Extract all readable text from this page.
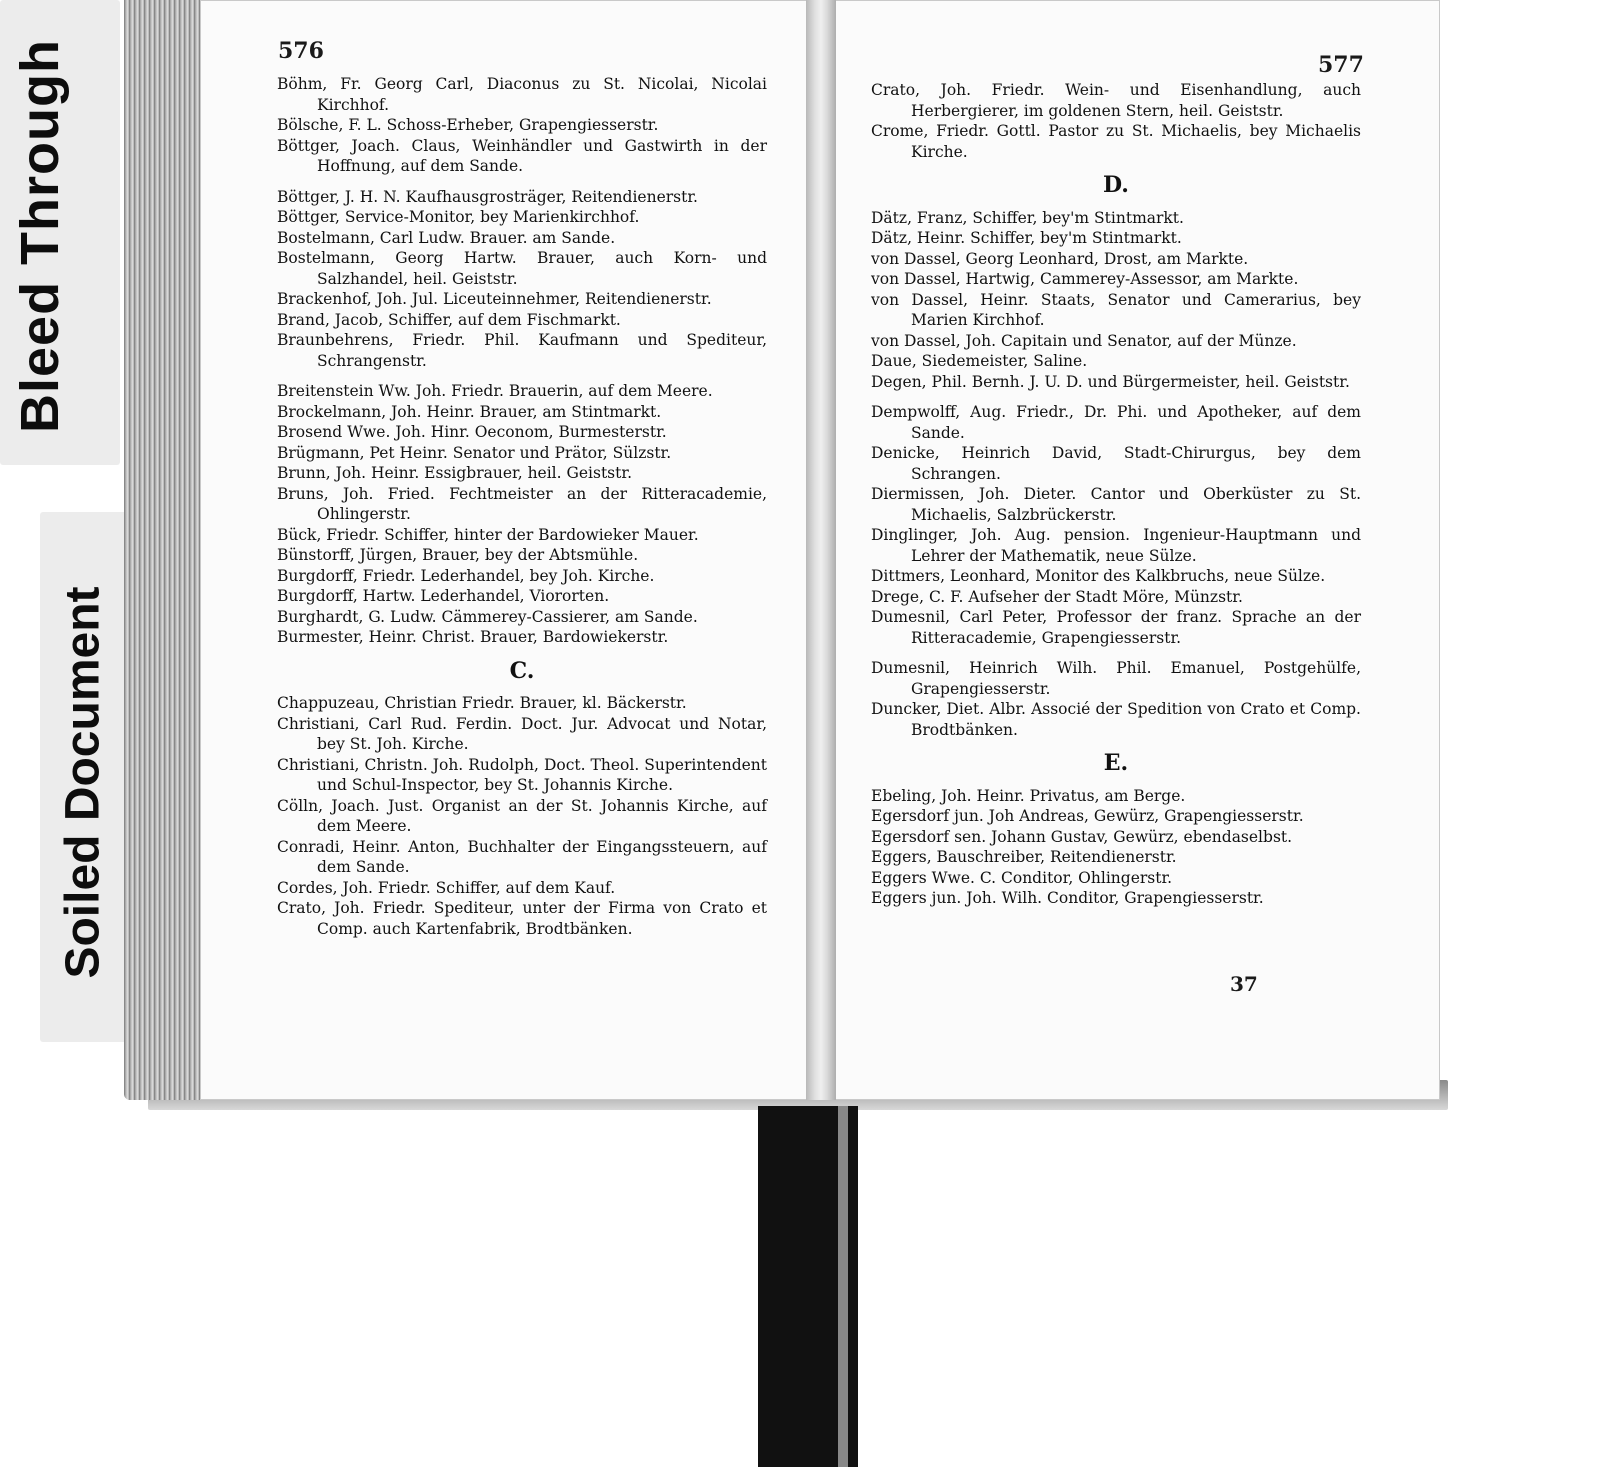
Bleed Through
Soiled Document
576
577
37
Böhm, Fr. Georg Carl, Diaconus zu St. Nicolai, Nicolai Kirchhof.
Bölsche, F. L. Schoss-Erheber, Grapengiesserstr.
Böttger, Joach. Claus, Weinhändler und Gastwirth in der Hoffnung, auf dem Sande.
Böttger, J. H. N. Kaufhausgrosträger, Reitendienerstr.
Böttger, Service-Monitor, bey Marienkirchhof.
Bostelmann, Carl Ludw. Brauer. am Sande.
Bostelmann, Georg Hartw. Brauer, auch Korn- und Salzhandel, heil. Geiststr.
Brackenhof, Joh. Jul. Liceuteinnehmer, Reitendienerstr.
Brand, Jacob, Schiffer, auf dem Fischmarkt.
Braunbehrens, Friedr. Phil. Kaufmann und Spediteur, Schrangenstr.
Breitenstein Ww. Joh. Friedr. Brauerin, auf dem Meere.
Brockelmann, Joh. Heinr. Brauer, am Stintmarkt.
Brosend Wwe. Joh. Hinr. Oeconom, Burmesterstr.
Brügmann, Pet Heinr. Senator und Prätor, Sülzstr.
Brunn, Joh. Heinr. Essigbrauer, heil. Geiststr.
Bruns, Joh. Fried. Fechtmeister an der Ritteracademie, Ohlingerstr.
Bück, Friedr. Schiffer, hinter der Bardowieker Mauer.
Bünstorff, Jürgen, Brauer, bey der Abtsmühle.
Burgdorff, Friedr. Lederhandel, bey Joh. Kirche.
Burgdorff, Hartw. Lederhandel, Viororten.
Burghardt, G. Ludw. Cämmerey-Cassierer, am Sande.
Burmester, Heinr. Christ. Brauer, Bardowiekerstr.
C.
Chappuzeau, Christian Friedr. Brauer, kl. Bäckerstr.
Christiani, Carl Rud. Ferdin. Doct. Jur. Advocat und Notar, bey St. Joh. Kirche.
Christiani, Christn. Joh. Rudolph, Doct. Theol. Superintendent und Schul-Inspector, bey St. Johannis Kirche.
Cölln, Joach. Just. Organist an der St. Johannis Kirche, auf dem Meere.
Conradi, Heinr. Anton, Buchhalter der Eingangssteuern, auf dem Sande.
Cordes, Joh. Friedr. Schiffer, auf dem Kauf.
Crato, Joh. Friedr. Spediteur, unter der Firma von Crato et Comp. auch Kartenfabrik, Brodtbänken.
Crato, Joh. Friedr. Wein- und Eisenhandlung, auch Herbergierer, im goldenen Stern, heil. Geiststr.
Crome, Friedr. Gottl. Pastor zu St. Michaelis, bey Michaelis Kirche.
D.
Dätz, Franz, Schiffer, bey'm Stintmarkt.
Dätz, Heinr. Schiffer, bey'm Stintmarkt.
von Dassel, Georg Leonhard, Drost, am Markte.
von Dassel, Hartwig, Cammerey-Assessor, am Markte.
von Dassel, Heinr. Staats, Senator und Camerarius, bey Marien Kirchhof.
von Dassel, Joh. Capitain und Senator, auf der Münze.
Daue, Siedemeister, Saline.
Degen, Phil. Bernh. J. U. D. und Bürgermeister, heil. Geiststr.
Dempwolff, Aug. Friedr., Dr. Phi. und Apotheker, auf dem Sande.
Denicke, Heinrich David, Stadt-Chirurgus, bey dem Schrangen.
Diermissen, Joh. Dieter. Cantor und Oberküster zu St. Michaelis, Salzbrückerstr.
Dinglinger, Joh. Aug. pension. Ingenieur-Hauptmann und Lehrer der Mathematik, neue Sülze.
Dittmers, Leonhard, Monitor des Kalkbruchs, neue Sülze.
Drege, C. F. Aufseher der Stadt Möre, Münzstr.
Dumesnil, Carl Peter, Professor der franz. Sprache an der Ritteracademie, Grapengiesserstr.
Dumesnil, Heinrich Wilh. Phil. Emanuel, Postgehülfe, Grapengiesserstr.
Duncker, Diet. Albr. Associé der Spedition von Crato et Comp. Brodtbänken.
E.
Ebeling, Joh. Heinr. Privatus, am Berge.
Egersdorf jun. Joh Andreas, Gewürz, Grapengiesserstr.
Egersdorf sen. Johann Gustav, Gewürz, ebendaselbst.
Eggers, Bauschreiber, Reitendienerstr.
Eggers Wwe. C. Conditor, Ohlingerstr.
Eggers jun. Joh. Wilh. Conditor, Grapengiesserstr.
